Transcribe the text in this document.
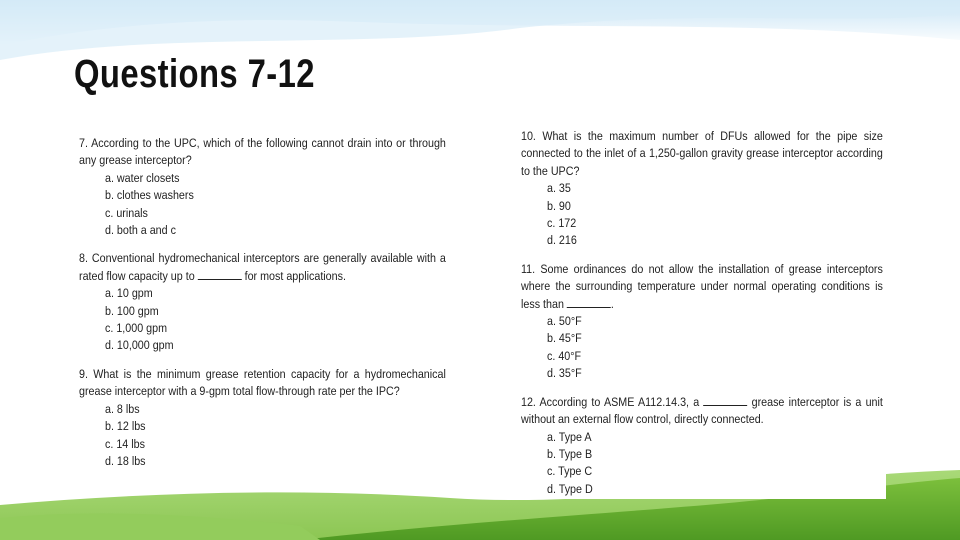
Questions 7-12
7. According to the UPC, which of the following cannot drain into or through any grease interceptor?
a. water closets
b. clothes washers
c. urinals
d. both a and c
8. Conventional hydromechanical interceptors are generally available with a rated flow capacity up to	for most applications.
a. 10 gpm
b. 100 gpm
c. 1,000 gpm
d. 10,000 gpm
9. What is the minimum grease retention capacity for a hydromechanical grease interceptor with a 9-gpm total flow-through rate per the IPC?
a. 8 lbs
b. 12 lbs
c. 14 lbs
d. 18 lbs
10. What is the maximum number of DFUs allowed for the pipe size connected to the inlet of a 1,250-gallon gravity grease interceptor according to the UPC?
a. 35
b. 90
c. 172
d. 216
11. Some ordinances do not allow the installation of grease interceptors where the surrounding temperature under normal operating conditions is less than	.
a. 50°F
b. 45°F
c. 40°F
d. 35°F
12. According to ASME A112.14.3, a	grease interceptor is a unit without an external flow control, directly connected.
a. Type A
b. Type B
c. Type C
d. Type D
